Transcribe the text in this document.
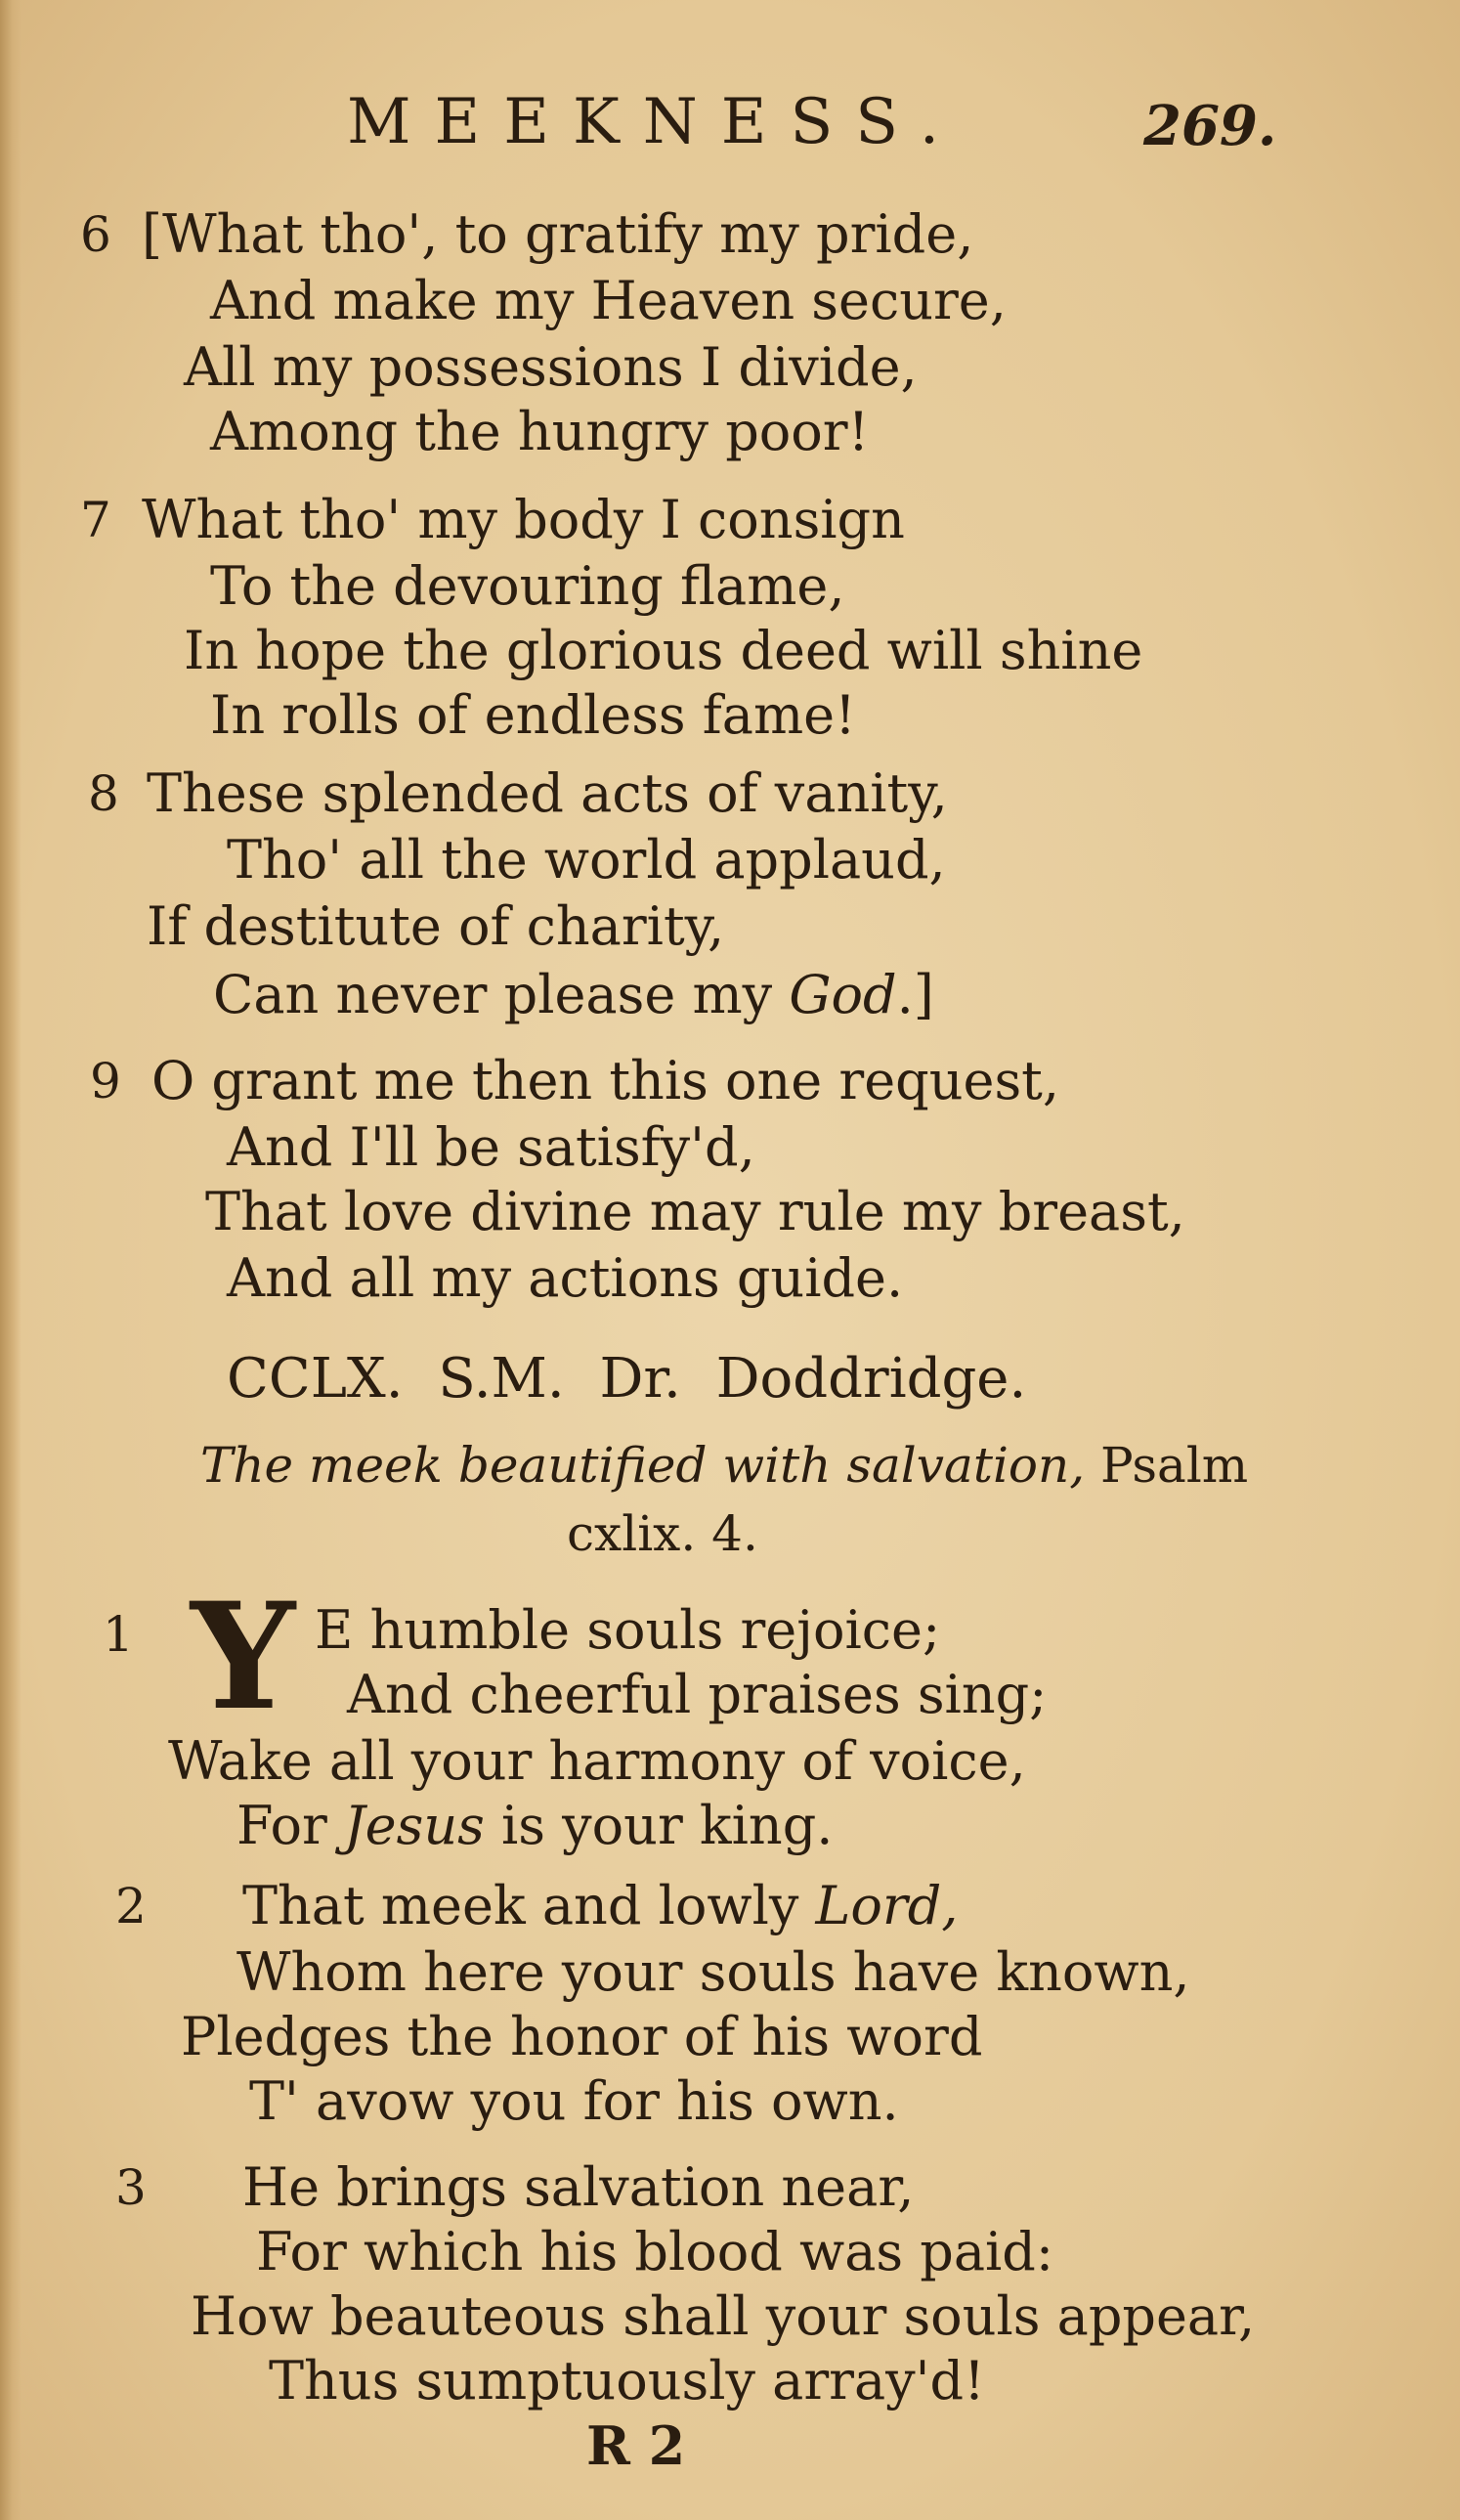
MEEKNESS.	269.
6 [What tho', to gratify my pride,
And make my Heaven secure,
All my possessions I divide,
Among the hungry poor!
7 What tho' my body I consign
To the devouring flame,
In hope the glorious deed will shine
In rolls of endless fame!
8 These splended acts of vanity,
Tho' all the world applaud,
If destitute of charity,
Can never please my God.]
9 O grant me then this one request,
And I'll be satisfy'd,
That love divine may rule my breast,
And all my actions guide.
CCLX. S.M. Dr. Doddridge.
The meek beautified with salvation, Psalm
cxlix. 4.
1 Y E humble souls rejoice;
And cheerful praises sing;
Wake all your harmony of voice,
For Jesus is your king.
2 That meek and lowly Lord,
Whom here your souls have known,
Pledges the honor of his word
T' avow you for his own.
3 He brings salvation near,
For which his blood was paid:
How beauteous shall your souls appear,
Thus sumptuously array'd!
R 2
